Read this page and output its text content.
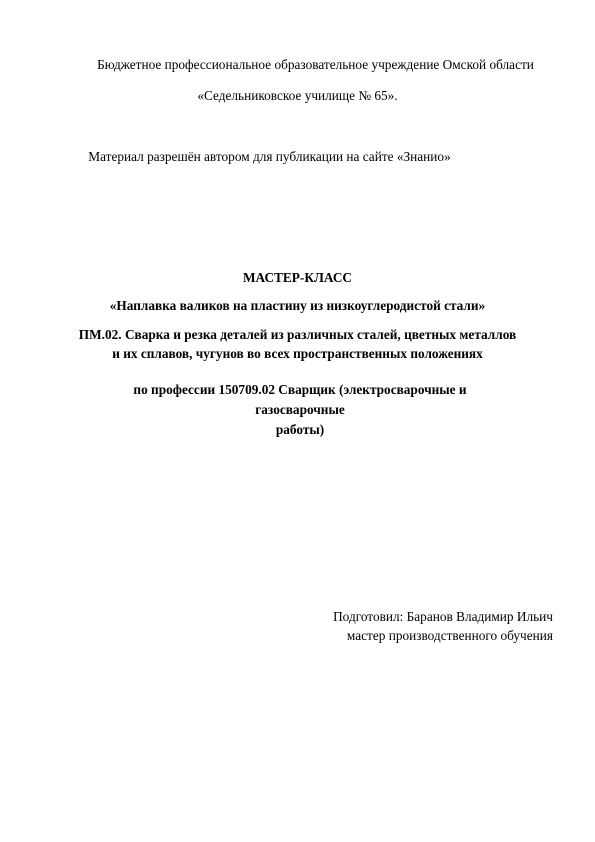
Бюджетное профессиональное образовательное учреждение Омской области
«Седельниковское училище № 65».
Материал разрешён автором для публикации на сайте «Знанио»
МАСТЕР-КЛАСС
«Наплавка валиков на пластину из низкоуглеродистой стали»
ПМ.02. Сварка и резка деталей из различных сталей, цветных металлов
и их сплавов, чугунов во всех пространственных положениях
по профессии 150709.02 Сварщик (электросварочные и газосварочные
работы)
Подготовил: Баранов Владимир Ильич
мастер производственного обучения
